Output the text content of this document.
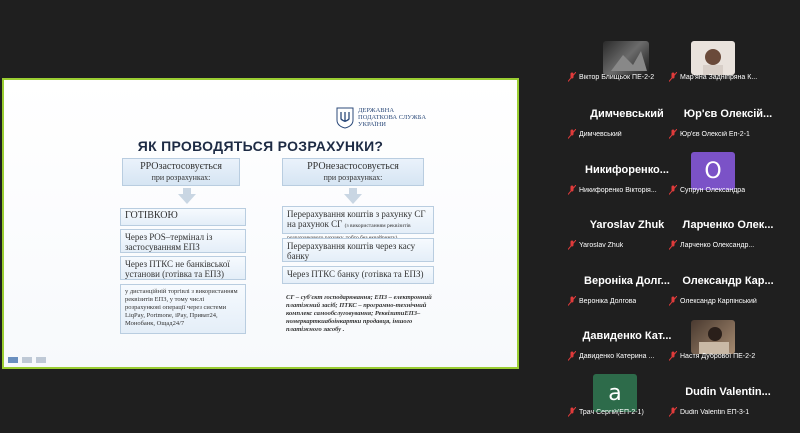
ДЕРЖАВНА ПОДАТКОВА СЛУЖБА УКРАЇНИ
ЯК ПРОВОДЯТЬСЯ РОЗРАХУНКИ?
РРОзастосовується
при розрахунках:
ГОТІВКОЮ
Через POS–термінал із застосуванням ЕПЗ
Через ПТКС не банківської установи (готівка та ЕПЗ)
у дистанційній торгівлі з використанням реквізитів ЕПЗ, у тому числі розрахункові операції через системи LiqPay, Portmone, iPay, Приват24, Монобанк, Ощад24/7
РРОнезастосовується
при розрахунках:
Перерахування коштів з рахунку СГ на рахунок СГ (з використанням реквізитів
Перерахування коштів через касу банку
Через ПТКС банку (готівка та ЕПЗ)
СГ – суб'єкт господарювання; ЕПЗ – електронний платіжний засіб; ПТКС – програмно-технічний комплекс самообслуговування; РеквізитиЕПЗ–номеркарткиабоінкартки продавця, іншого платіжного засобу .
Віктор Блищьок ПЕ-2-2	Мар'яна Задніпряна К...
Димчевський
Димчевський
Юр'єв Олексій...
Юр'єв Олексій Еп-2-1
Никифоренко...
Никифоренко Вікторія...
O
Супрун Олександра
Yaroslav Zhuk
Yaroslav Zhuk
Ларченко Олек...
Ларченко Олександр...
Вероніка Долг...
Вероніка Долгова
Олександр Кар...
Олександр Карпінський
Давиденко Кат...
Давиденко Катерина ...	Настя Дубрової ПЕ-2-2
а
Трач Сергій(ЕП-2-1)
Dudin Valentin...
Dudin Valentin ЕП-3-1
